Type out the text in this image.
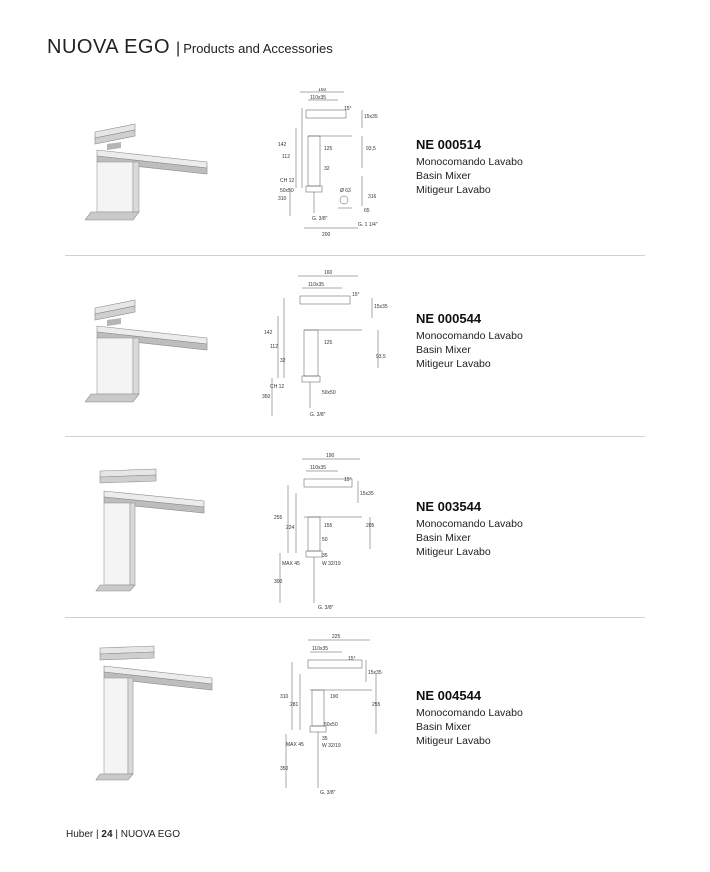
NUOVA EGO | Products and Accessories
160
110x35
15°
15x35
142
112
125	93,5
CH 12
32
50x50	Ø 63
310	316
65
G. 3/8"
G. 1 1/4"
200
NE 000514
Monocomando Lavabo
Basin Mixer
Mitigeur Lavabo
160
110x35
15°
15x35
142
112
125
93,5
32
CH 12
50x50
350
G. 3/8"
NE 000544
Monocomando Lavabo
Basin Mixer
Mitigeur Lavabo
190
110x35
15°
15x35
255
224	155	205
50
35
MAX 45	W 32/19
300
G. 3/8"
NE 003544
Monocomando Lavabo
Basin Mixer
Mitigeur Lavabo
225
110x35
15°
15x35
310
281
190
255
50x50
35
MAX 45	W 32/19
350
G. 3/8"
NE 004544
Monocomando Lavabo
Basin Mixer
Mitigeur Lavabo
Huber | 24 | NUOVA EGO
